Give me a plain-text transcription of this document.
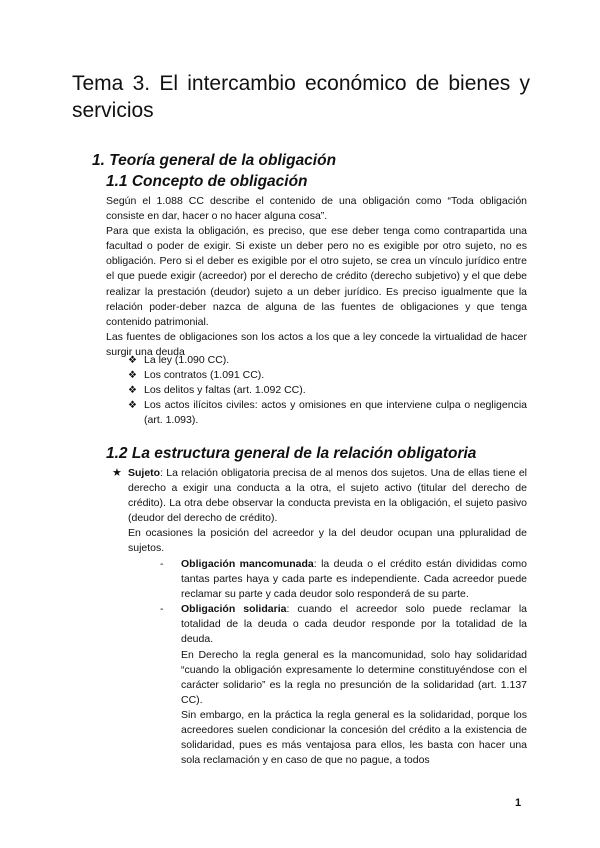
Tema 3. El intercambio económico de bienes y servicios
1. Teoría general de la obligación
1.1 Concepto de obligación
Según el 1.088 CC describe el contenido de una obligación como “Toda obligación consiste en dar, hacer o no hacer alguna cosa”.
Para que exista la obligación, es preciso, que ese deber tenga como contrapartida una facultad o poder de exigir. Si existe un deber pero no es exigible por otro sujeto, no es obligación. Pero si el deber es exigible por el otro sujeto, se crea un vínculo jurídico entre el que puede exigir (acreedor) por el derecho de crédito (derecho subjetivo) y el que debe realizar la prestación (deudor) sujeto a un deber jurídico. Es preciso igualmente que la relación poder-deber nazca de alguna de las fuentes de obligaciones y que tenga contenido patrimonial.
Las fuentes de obligaciones son los actos a los que a ley concede la virtualidad de hacer surgir una deuda
❖ La ley (1.090 CC).
❖ Los contratos (1.091 CC).
❖ Los delitos y faltas (art. 1.092 CC).
❖ Los actos ilícitos civiles: actos y omisiones en que interviene culpa o negligencia (art. 1.093).
1.2 La estructura general de la relación obligatoria
★ Sujeto: La relación obligatoria precisa de al menos dos sujetos. Una de ellas tiene el derecho a exigir una conducta a la otra, el sujeto activo (titular del derecho de crédito). La otra debe observar la conducta prevista en la obligación, el sujeto pasivo (deudor del derecho de crédito).
En ocasiones la posición del acreedor y la del deudor ocupan una ppluralidad de sujetos.
- Obligación mancomunada: la deuda o el crédito están divididas como tantas partes haya y cada parte es independiente. Cada acreedor puede reclamar su parte y cada deudor solo responderá de su parte.
- Obligación solidaria: cuando el acreedor solo puede reclamar la totalidad de la deuda o cada deudor responde por la totalidad de la deuda.
En Derecho la regla general es la mancomunidad, solo hay solidaridad “cuando la obligación expresamente lo determine constituyéndose con el carácter solidario” es la regla no presunción de la solidaridad (art. 1.137 CC).
Sin embargo, en la práctica la regla general es la solidaridad, porque los acreedores suelen condicionar la concesión del crédito a la existencia de solidaridad, pues es más ventajosa para ellos, les basta con hacer una sola reclamación y en caso de que no pague, a todos
1
